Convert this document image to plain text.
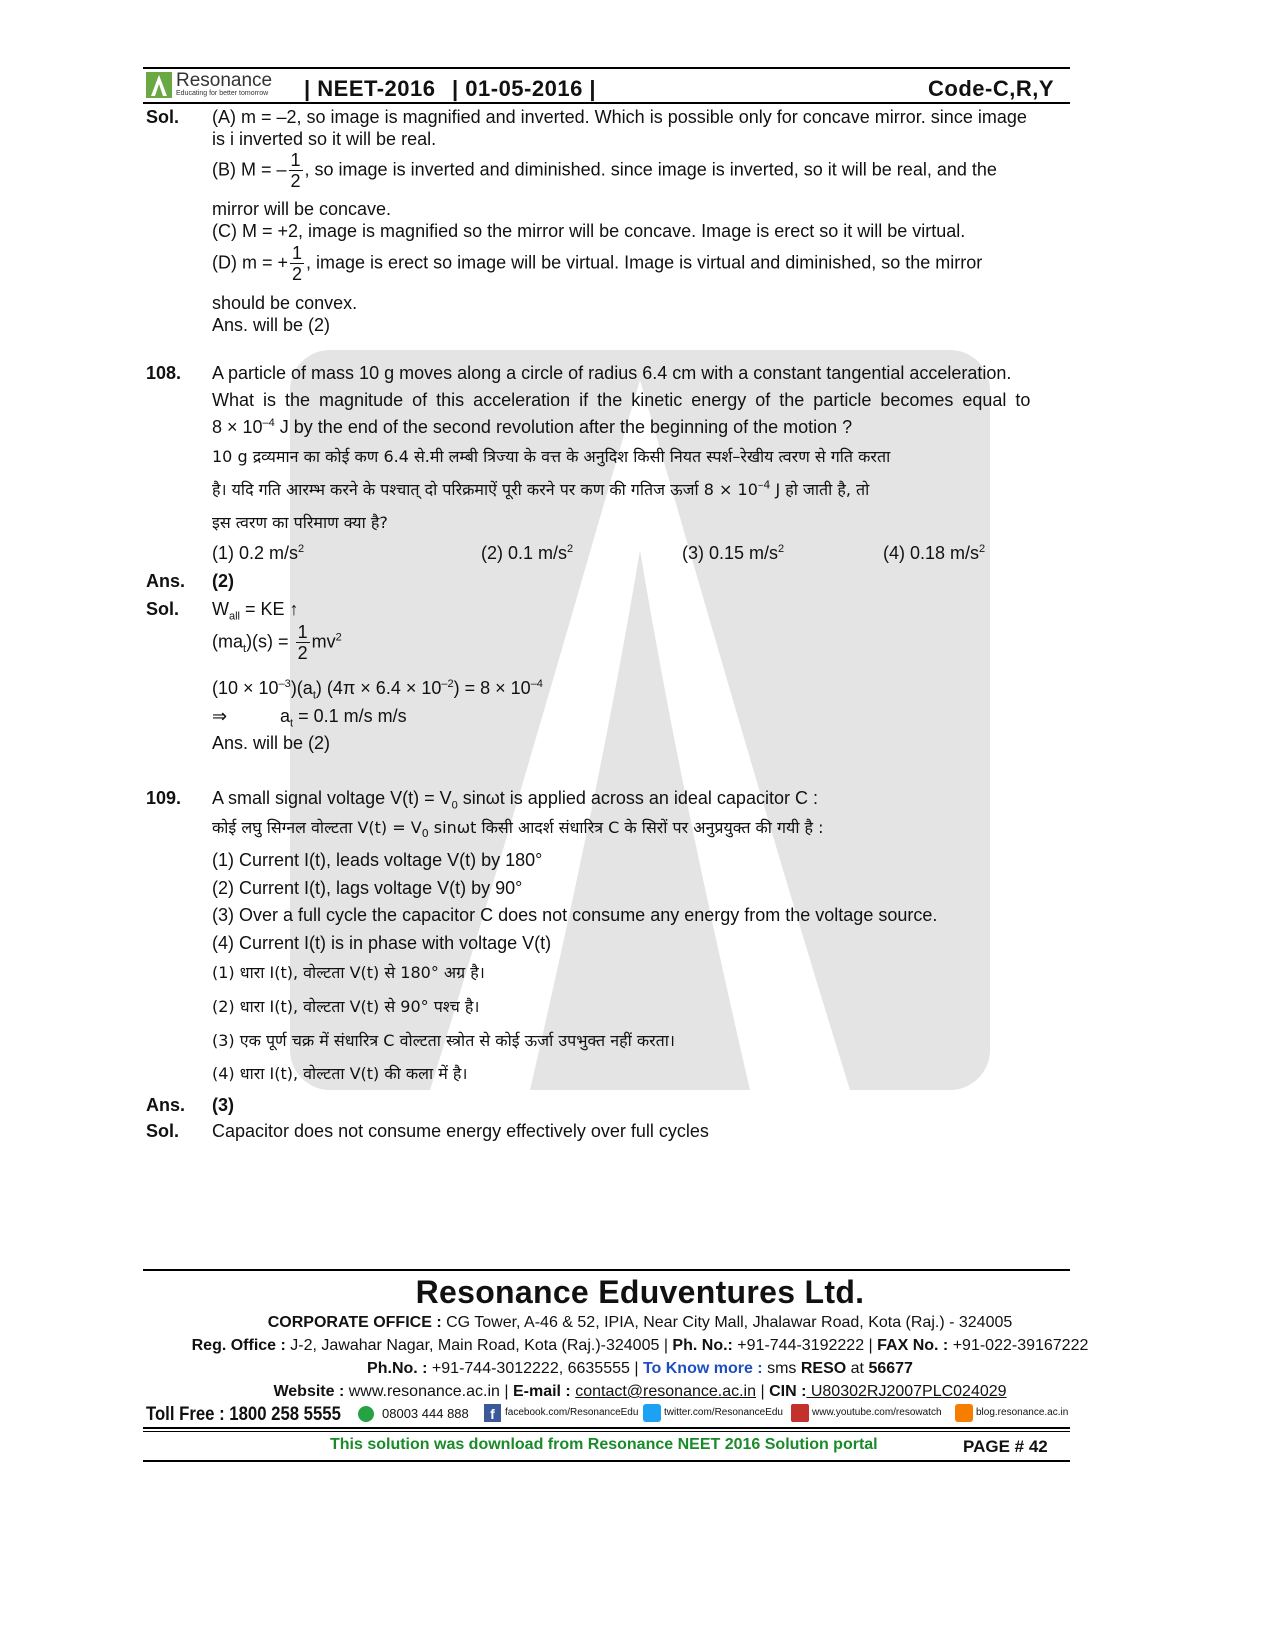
Resonance
Educating for better tomorrow | NEET-2016 | 01-05-2016 |	Code-C,R,Y
Sol. (A) m = –2, so image is magnified and inverted. Which is possible only for concave mirror. since image
is i inverted so it will be real.
(B) M = – $\frac{1}{2}$ , so image is inverted and diminished. since image is inverted, so it will be real, and the
mirror will be concave.
(C) M = +2, image is magnified so the mirror will be concave. Image is erect so it will be virtual.
(D) m = + $\frac{1}{2}$ , image is erect so image will be virtual. Image is virtual and diminished, so the mirror
should be convex.
Ans. will be (2)
108. A particle of mass 10 g moves along a circle of radius 6.4 cm with a constant tangential acceleration.
What is the magnitude of this acceleration if the kinetic energy of the particle becomes equal to
$8 \times 10^{-4}$ J by the end of the second revolution after the beginning of the motion ?
10 g द्रव्यमान का कोई कण 6.4 से.मी लम्बी त्रिज्या के वत्त के अनुदिश किसी नियत स्पर्श–रेखीय त्वरण से गति करता
है। यदि गति आरम्भ करने के पश्चात् दो परिक्रमाऐं पूरी करने पर कण की गतिज ऊर्जा $8 \times 10^{-4}$ J हो जाती है, तो
इस त्वरण का परिमाण क्या है?
(1) 0.2 $m/s^2$	(2) 0.1 $m/s^2$	(3) 0.15 $m/s^2$	(4) 0.18 $m/s^2$
Ans. (2)
Sol. $W_{all}$ = KE ↑
$(ma_t)(s) = \frac{1}{2} mv^2$
$(10 \times 10^{-3})(a_t)$ $(4\pi \times 6.4 \times 10^{-2}) = 8 \times 10^{-4}$
⇒	$a_t = 0.1$ m/s m/s
Ans. will be (2)
109. A small signal voltage $V(t) = V_0$ sinωt is applied across an ideal capacitor C :
कोई लघु सिग्नल वोल्टता $V(t) = V_0$ sinωt किसी आदर्श संधारित्र C के सिरों पर अनुप्रयुक्त की गयी है :
(1) Current I(t), leads voltage V(t) by 180°
(2) Current I(t), lags voltage V(t) by 90°
(3) Over a full cycle the capacitor C does not consume any energy from the voltage source.
(4) Current I(t) is in phase with voltage V(t)
(1) धारा I(t), वोल्टता V(t) से 180° अग्र है।
(2) धारा I(t), वोल्टता V(t) से 90° पश्च है।
(3) एक पूर्ण चक्र में संधारित्र C वोल्टता स्त्रोत से कोई ऊर्जा उपभुक्त नहीं करता।
(4) धारा I(t), वोल्टता V(t) की कला में है।
Ans. (3)
Sol. Capacitor does not consume energy effectively over full cycles
Resonance Eduventures Ltd.
CORPORATE OFFICE : CG Tower, A-46 & 52, IPIA, Near City Mall, Jhalawar Road, Kota (Raj.) - 324005
Reg. Office : J-2, Jawahar Nagar, Main Road, Kota (Raj.)-324005 | Ph. No.: +91-744-3192222 | FAX No. : +91-022-39167222
Ph.No. : +91-744-3012222, 6635555 | To Know more : sms RESO at 56677
Website : www.resonance.ac.in | E-mail : contact@resonance.ac.in | CIN : U80302RJ2007PLC024029
Toll Free : 1800 258 5555	08003 444 888	f	facebook.com/ResonanceEdu	twitter.com/ResonanceEdu	www.youtube.com/resowatch	blog.resonance.ac.in
This solution was download from Resonance NEET 2016 Solution portal	PAGE # 42
